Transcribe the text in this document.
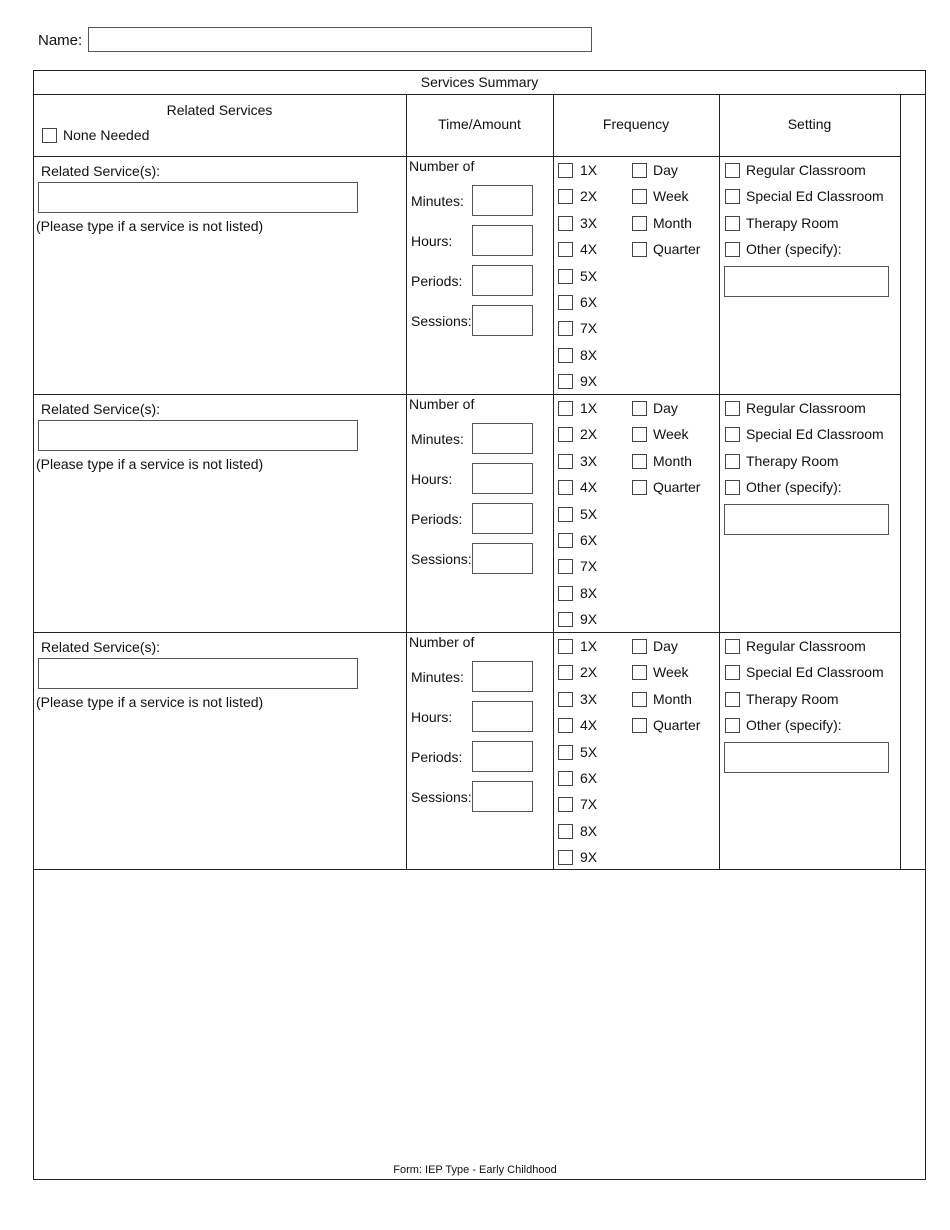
Name:
Services Summary
Related Services
None Needed
Time/Amount	Frequency	Setting
Related Service(s):
(Please type if a service is not listed)
Number of
Minutes:
Hours:
Periods:
Sessions:
1X
2X
3X
4X
5X
6X
7X
8X
9X
Day
Week
Month
Quarter
Regular Classroom
Special Ed Classroom
Therapy Room
Other (specify):
Related Service(s):
(Please type if a service is not listed)
Number of
Minutes:
Hours:
Periods:
Sessions:
1X
2X
3X
4X
5X
6X
7X
8X
9X
Day
Week
Month
Quarter
Regular Classroom
Special Ed Classroom
Therapy Room
Other (specify):
Related Service(s):
(Please type if a service is not listed)
Number of
Minutes:
Hours:
Periods:
Sessions:
1X
2X
3X
4X
5X
6X
7X
8X
9X
Day
Week
Month
Quarter
Regular Classroom
Special Ed Classroom
Therapy Room
Other (specify):
Form: IEP Type - Early Childhood
